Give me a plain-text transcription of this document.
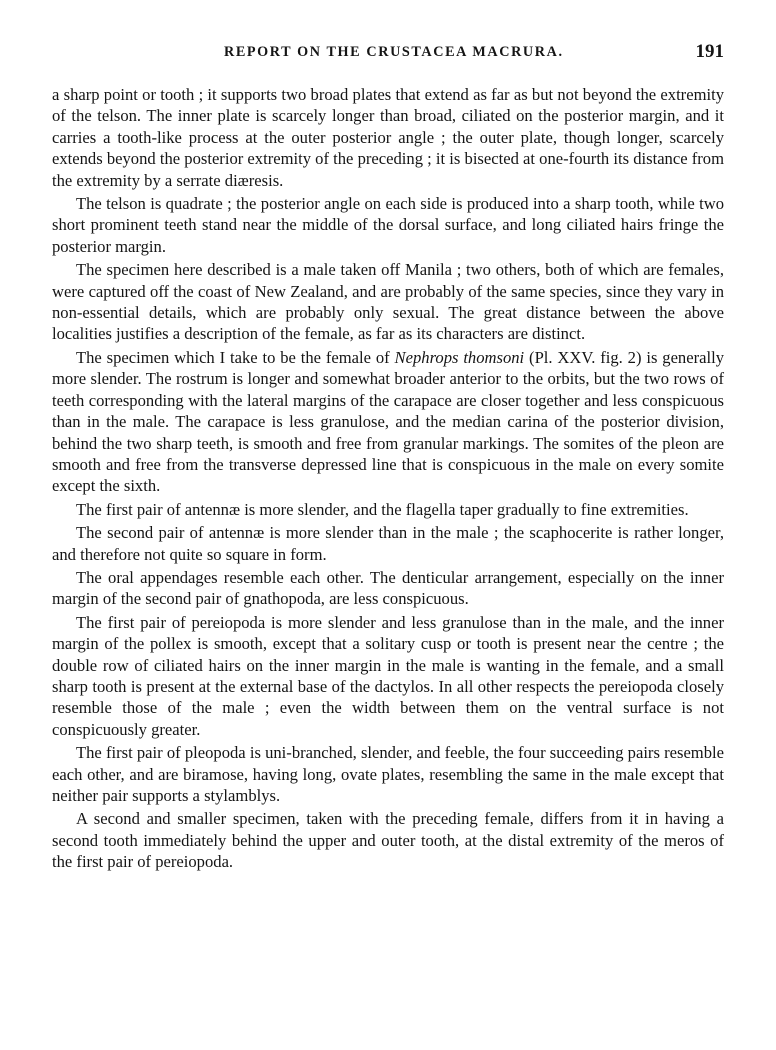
REPORT ON THE CRUSTACEA MACRURA.	191

a sharp point or tooth ; it supports two broad plates that extend as far as but not beyond the extremity of the telson. The inner plate is scarcely longer than broad, ciliated on the posterior margin, and it carries a tooth-like process at the outer posterior angle ; the outer plate, though longer, scarcely extends beyond the posterior extremity of the preceding ; it is bisected at one-fourth its distance from the extremity by a serrate diæresis.

The telson is quadrate ; the posterior angle on each side is produced into a sharp tooth, while two short prominent teeth stand near the middle of the dorsal surface, and long ciliated hairs fringe the posterior margin.

The specimen here described is a male taken off Manila ; two others, both of which are females, were captured off the coast of New Zealand, and are probably of the same species, since they vary in non-essential details, which are probably only sexual. The great distance between the above localities justifies a description of the female, as far as its characters are distinct.

The specimen which I take to be the female of Nephrops thomsoni (Pl. XXV. fig. 2) is generally more slender. The rostrum is longer and somewhat broader anterior to the orbits, but the two rows of teeth corresponding with the lateral margins of the carapace are closer together and less conspicuous than in the male. The carapace is less granulose, and the median carina of the posterior division, behind the two sharp teeth, is smooth and free from granular markings. The somites of the pleon are smooth and free from the transverse depressed line that is conspicuous in the male on every somite except the sixth.

The first pair of antennæ is more slender, and the flagella taper gradually to fine extremities.

The second pair of antennæ is more slender than in the male ; the scaphocerite is rather longer, and therefore not quite so square in form.

The oral appendages resemble each other. The denticular arrangement, especially on the inner margin of the second pair of gnathopoda, are less conspicuous.

The first pair of pereiopoda is more slender and less granulose than in the male, and the inner margin of the pollex is smooth, except that a solitary cusp or tooth is present near the centre ; the double row of ciliated hairs on the inner margin in the male is wanting in the female, and a small sharp tooth is present at the external base of the dactylos. In all other respects the pereiopoda closely resemble those of the male ; even the width between them on the ventral surface is not conspicuously greater.

The first pair of pleopoda is uni-branched, slender, and feeble, the four succeeding pairs resemble each other, and are biramose, having long, ovate plates, resembling the same in the male except that neither pair supports a stylamblys.

A second and smaller specimen, taken with the preceding female, differs from it in having a second tooth immediately behind the upper and outer tooth, at the distal extremity of the meros of the first pair of pereiopoda.
